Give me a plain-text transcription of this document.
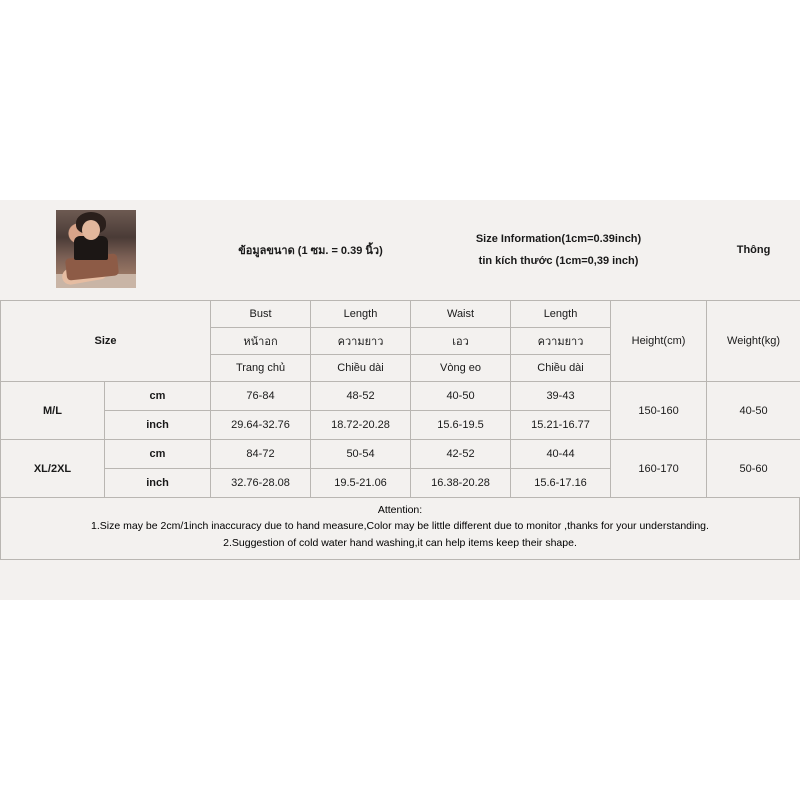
		ข้อมูลขนาด (1 ซม. = 0.39 นิ้ว)		Size Information(1cm=0.39inch)
tin kích thước (1cm=0,39 inch)			Thông
Size		Bust	Length	Waist	Length	Height(cm)	Weight(kg)
		หน้าอก	ความยาว	เอว	ความยาว		
		Trang chủ	Chiều dài	Vòng eo	Chiều dài		
M/L	cm	76-84	48-52	40-50	39-43	150-160	40-50
	inch	29.64-32.76	18.72-20.28	15.6-19.5	15.21-16.77		
XL/2XL	cm	84-72	50-54	42-52	40-44	160-170	50-60
	inch	32.76-28.08	19.5-21.06	16.38-20.28	15.6-17.16		
Attention:
1.Size may be 2cm/1inch inaccuracy due to hand measure,Color may be little different due to monitor ,thanks for your understanding.
2.Suggestion of cold water hand washing,it can help items keep their shape.
